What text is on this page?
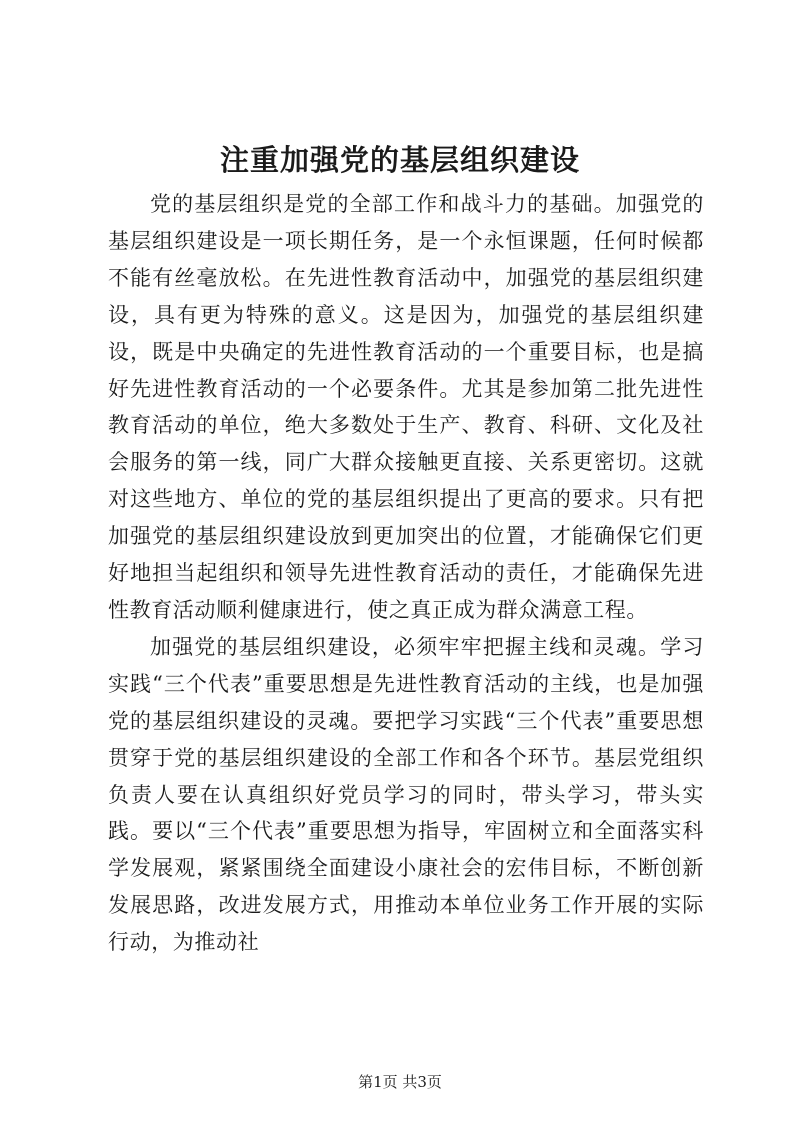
注重加强党的基层组织建设

党的基层组织是党的全部工作和战斗力的基础。加强党的基层组织建设是一项长期任务，是一个永恒课题，任何时候都不能有丝毫放松。在先进性教育活动中，加强党的基层组织建设，具有更为特殊的意义。这是因为，加强党的基层组织建设，既是中央确定的先进性教育活动的一个重要目标，也是搞好先进性教育活动的一个必要条件。尤其是参加第二批先进性教育活动的单位，绝大多数处于生产、教育、科研、文化及社会服务的第一线，同广大群众接触更直接、关系更密切。这就对这些地方、单位的党的基层组织提出了更高的要求。只有把加强党的基层组织建设放到更加突出的位置，才能确保它们更好地担当起组织和领导先进性教育活动的责任，才能确保先进性教育活动顺利健康进行，使之真正成为群众满意工程。

加强党的基层组织建设，必须牢牢把握主线和灵魂。学习实践“三个代表”重要思想是先进性教育活动的主线，也是加强党的基层组织建设的灵魂。要把学习实践“三个代表”重要思想贯穿于党的基层组织建设的全部工作和各个环节。基层党组织负责人要在认真组织好党员学习的同时，带头学习，带头实践。要以“三个代表”重要思想为指导，牢固树立和全面落实科学发展观，紧紧围绕全面建设小康社会的宏伟目标，不断创新发展思路，改进发展方式，用推动本单位业务工作开展的实际行动，为推动社

第1页 共3页
